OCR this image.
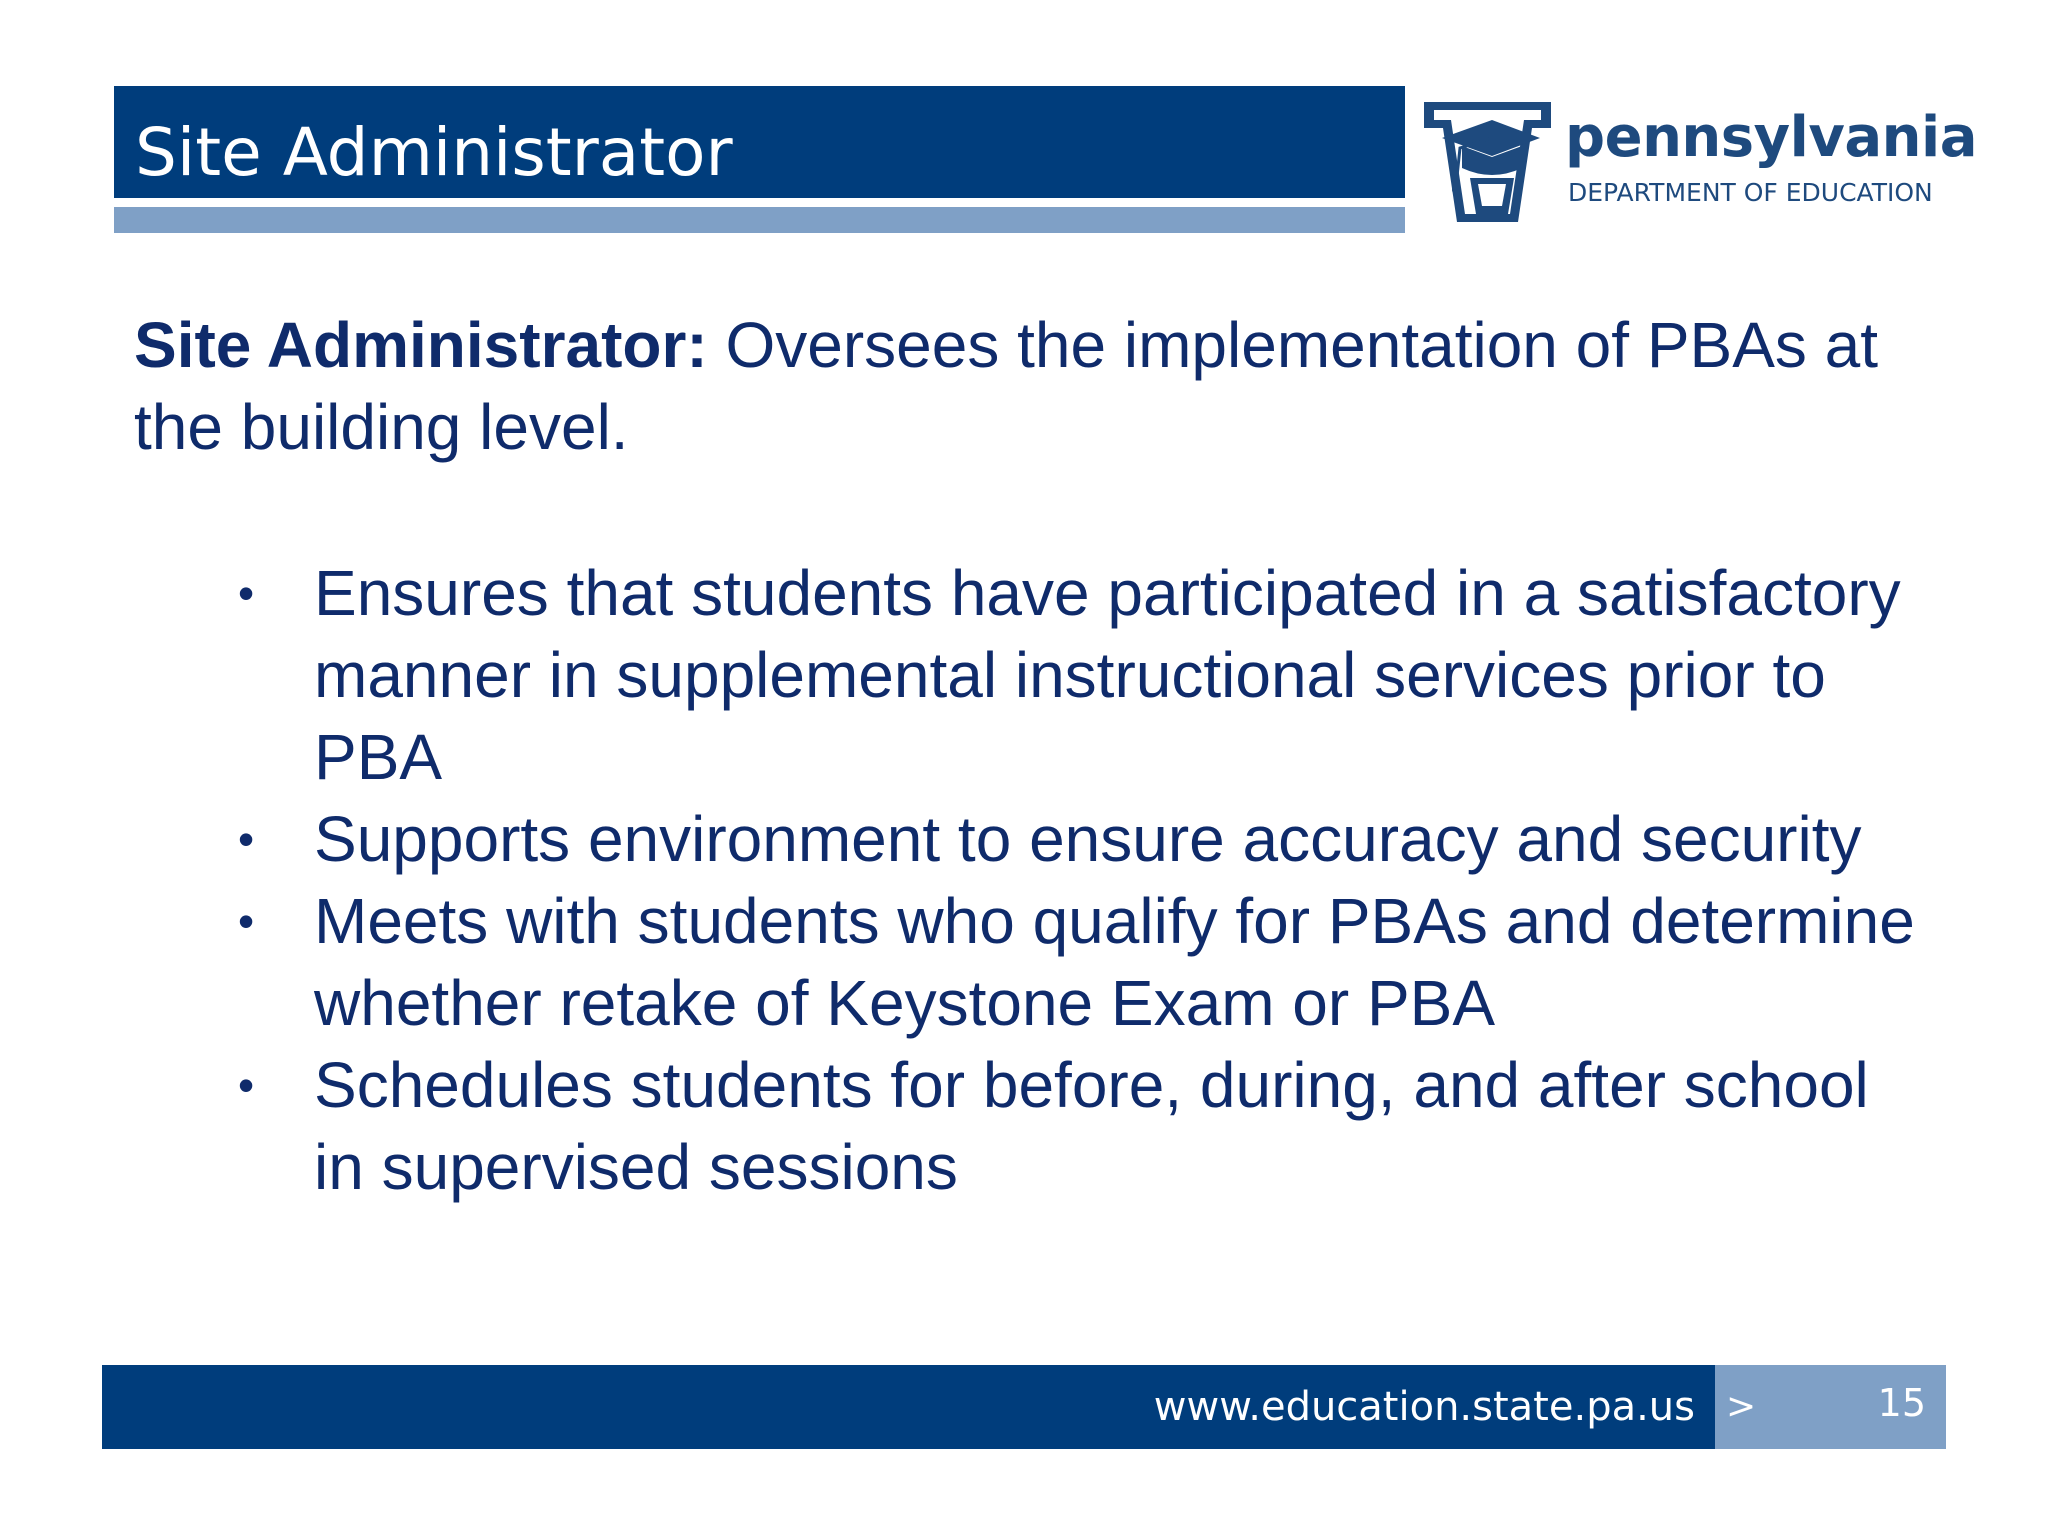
Site Administrator	pennsylvania
DEPARTMENT OF EDUCATION
Site Administrator: Oversees the implementation of PBAs at the building level.
• Ensures that students have participated in a satisfactory manner in supplemental instructional services prior to PBA
• Supports environment to ensure accuracy and security
• Meets with students who qualify for PBAs and determine whether retake of Keystone Exam or PBA
• Schedules students for before, during, and after school in supervised sessions
www.education.state.pa.us >	15
